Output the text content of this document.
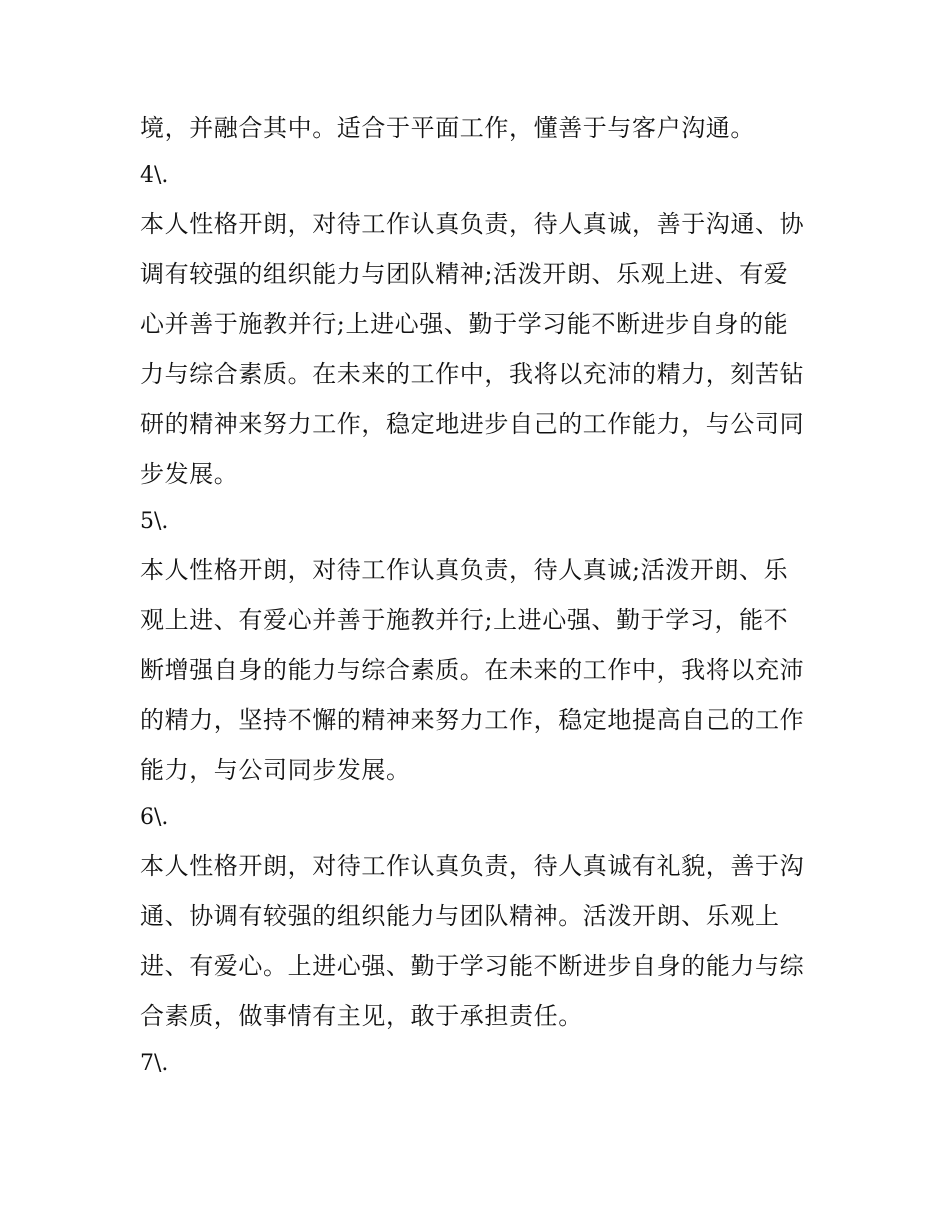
境，并融合其中。适合于平面工作，懂善于与客户沟通。
4\.
本人性格开朗，对待工作认真负责，待人真诚，善于沟通、协
调有较强的组织能力与团队精神;活泼开朗、乐观上进、有爱
心并善于施教并行;上进心强、勤于学习能不断进步自身的能
力与综合素质。在未来的工作中，我将以充沛的精力，刻苦钻
研的精神来努力工作，稳定地进步自己的工作能力，与公司同
步发展。
5\.
本人性格开朗，对待工作认真负责，待人真诚;活泼开朗、乐
观上进、有爱心并善于施教并行;上进心强、勤于学习，能不
断增强自身的能力与综合素质。在未来的工作中，我将以充沛
的精力，坚持不懈的精神来努力工作，稳定地提高自己的工作
能力，与公司同步发展。
6\.
本人性格开朗，对待工作认真负责，待人真诚有礼貌，善于沟
通、协调有较强的组织能力与团队精神。活泼开朗、乐观上
进、有爱心。上进心强、勤于学习能不断进步自身的能力与综
合素质，做事情有主见，敢于承担责任。
7\.
